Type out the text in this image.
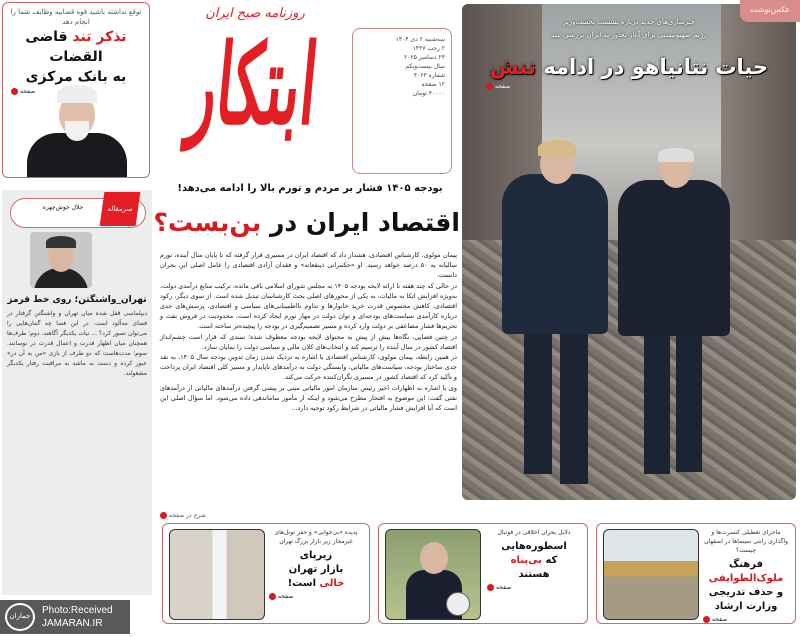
توقع نداشته باشید قوه قضاییه وظایف شما را انجام دهد
تذکر تند قاضی القضات
به بانک مرکزی
صفحه
سرمقاله
جلال خوش‌چهره
تهران_واشنگتن؛ روی خط قرمز
دیپلماسی قفل شده میان تهران و واشنگتن گرفتار در فضای مه‌آلود است. در این فضا چه گمان‌هایی را می‌توان تصور کرد؟ ... نیات یکدیگر آگاهند. دوم؛ طرف‌ها همچنان میان اظهار قدرت و اعمال قدرت در نوسانند. سوم؛ مدت‌هاست که دو طرف از بازی «من به آن در» عبور کرده و دست به ماشه به مراقبت رفتار یکدیگر مشغولند.
روزنامه صبح ایران
ابتکار	سه‌شنبه ۲ دی ۱۴۰۴
۲ رجب ۱۴۴۷
۲۳ دسامبر ۲۰۲۵
سال بیست‌ویکم
شماره ۴۰۶۳
۱۲ صفحه
۴۰۰۰۰ تومان
بودجه ۱۴۰۵ فشار بر مردم و تورم بالا را ادامه می‌دهد!
اقتصاد ایران در بن‌بست؟

پیمان مولوی، کارشناس اقتصادی، هشدار داد که اقتصاد ایران در مسیری قرار گرفته که تا پایان سال آینده، تورم سالیانه به ۵۰ درصد خواهد رسید. او «حکمرانی ذینفعانه» و فقدان آزادی اقتصادی را عامل اصلی این بحران دانست.

در حالی که چند هفته تا ارائه لایحه بودجه ۱۴۰۵ به مجلس شورای اسلامی باقی مانده، ترکیب منابع درآمدی دولت، به‌ویژه افزایش اتکا به مالیات، به یکی از محورهای اصلی بحث کارشناسان تبدیل شده است. از سوی دیگر، رکود اقتصادی، کاهش محسوس قدرت خرید خانوارها و تداوم نااطمینانی‌های سیاسی و اقتصادی، پرسش‌های جدی درباره کارآمدی سیاست‌های بودجه‌ای و توان دولت در مهار تورم ایجاد کرده است. محدودیت در فروش نفت و تحریم‌ها فشار مضاعفی بر دولت وارد کرده و مسیر تصمیم‌گیری در بودجه را پیچیده‌تر ساخته است.

در چنین فضایی، نگاه‌ها بیش از پیش به محتوای لایحه بودجه معطوف شده؛ سندی که قرار است چشم‌انداز اقتصاد کشور در سال آینده را ترسیم کند و انتخاب‌های کلان مالی و سیاسی دولت را نمایان سازد.

در همین رابطه، پیمان مولوی، کارشناس اقتصادی با اشاره به نزدیک شدن زمان تدوین بودجه سال ۱۴۰۵، به نقد جدی ساختار بودجه، سیاست‌های مالیاتی، وابستگی دولت به درآمدهای ناپایدار و مسیر کلی اقتصاد ایران پرداخت و تأکید کرد که اقتصاد کشور در مسیری نگران‌کننده حرکت می‌کند.

وی با اشاره به اظهارات اخیر رئیس سازمان امور مالیاتی مبنی بر پیشی گرفتن درآمدهای مالیاتی از درآمدهای نفتی گفت: این موضوع به افتخار مطرح می‌شود و اینکه از مأمور ساماندهی داده می‌شود. اما سؤال اصلی این است که آیا افزایش فشار مالیاتی در شرایط رکود توجیه دارد...

شرح در صفحه
خبرسازی‌های جدید درباره نشست نخست‌وزیر
رژیم صهیونیستی برای آغاز تجاوز به ایران بررسی شد
حیات نتانیاهو در ادامه تنش
صفحه
عکس‌نوشت
ماجرای تعطیلی کنسرت‌ها و واگذاری رانتی سینماها در اصفهان چیست؟
فرهنگ ملوک‌الطوایفی
و حذف تدریجی
وزارت ارشاد
صفحه
دلایل بحران اخلاقی در فوتبال
اسطوره‌هایی
که بی‌پناه
هستند
صفحه
پدیده «بی‌خوابی» و حفر تونل‌های غیرمجاز زیر بازار بزرگ تهران
زیرپای
بازار تهران
خالی است!
صفحه
جماران
Photo:Received
JAMARAN.IR
